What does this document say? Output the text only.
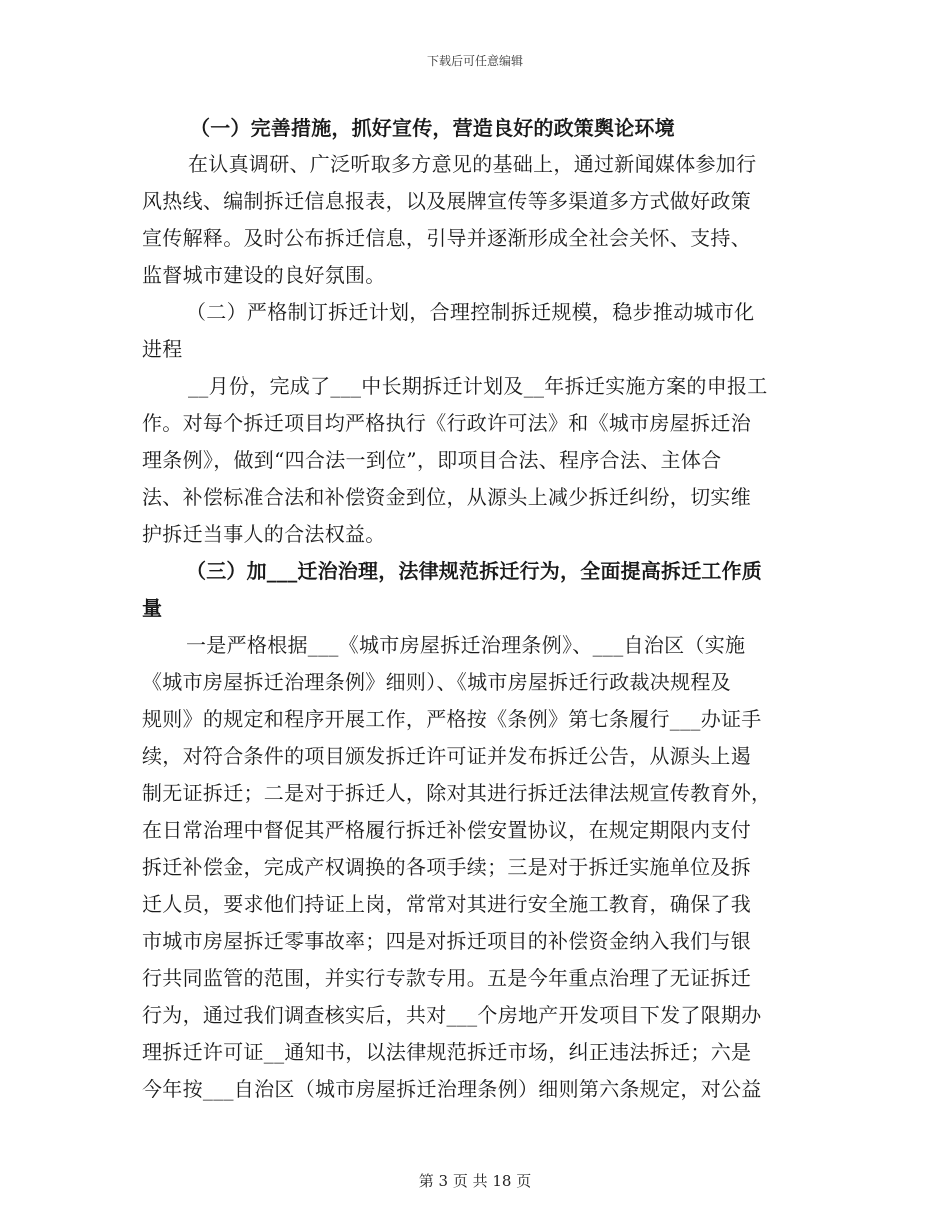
下载后可任意编辑
（一）完善措施，抓好宣传，营造良好的政策舆论环境
在认真调研、广泛听取多方意见的基础上，通过新闻媒体参加行
风热线、编制拆迁信息报表，以及展牌宣传等多渠道多方式做好政策
宣传解释。及时公布拆迁信息，引导并逐渐形成全社会关怀、支持、
监督城市建设的良好氛围。
（二）严格制订拆迁计划，合理控制拆迁规模，稳步推动城市化
进程
__月份，完成了___中长期拆迁计划及__年拆迁实施方案的申报工
作。对每个拆迁项目均严格执行《行政许可法》和《城市房屋拆迁治
理条例》，做到“四合法一到位”，即项目合法、程序合法、主体合
法、补偿标准合法和补偿资金到位，从源头上减少拆迁纠纷，切实维
护拆迁当事人的合法权益。
（三）加___迁治治理，法律规范拆迁行为，全面提高拆迁工作质
量
一是严格根据___《城市房屋拆迁治理条例》、___自治区（实施
《城市房屋拆迁治理条例》细则）、《城市房屋拆迁行政裁决规程及
规则》的规定和程序开展工作，严格按《条例》第七条履行___办证手
续，对符合条件的项目颁发拆迁许可证并发布拆迁公告，从源头上遏
制无证拆迁；二是对于拆迁人，除对其进行拆迁法律法规宣传教育外，
在日常治理中督促其严格履行拆迁补偿安置协议，在规定期限内支付
拆迁补偿金，完成产权调换的各项手续；三是对于拆迁实施单位及拆
迁人员，要求他们持证上岗，常常对其进行安全施工教育，确保了我
市城市房屋拆迁零事故率；四是对拆迁项目的补偿资金纳入我们与银
行共同监管的范围，并实行专款专用。五是今年重点治理了无证拆迁
行为，通过我们调查核实后，共对___个房地产开发项目下发了限期办
理拆迁许可证__通知书，以法律规范拆迁市场，纠正违法拆迁；六是
今年按___自治区（城市房屋拆迁治理条例）细则第六条规定，对公益
第 3 页 共 18 页
